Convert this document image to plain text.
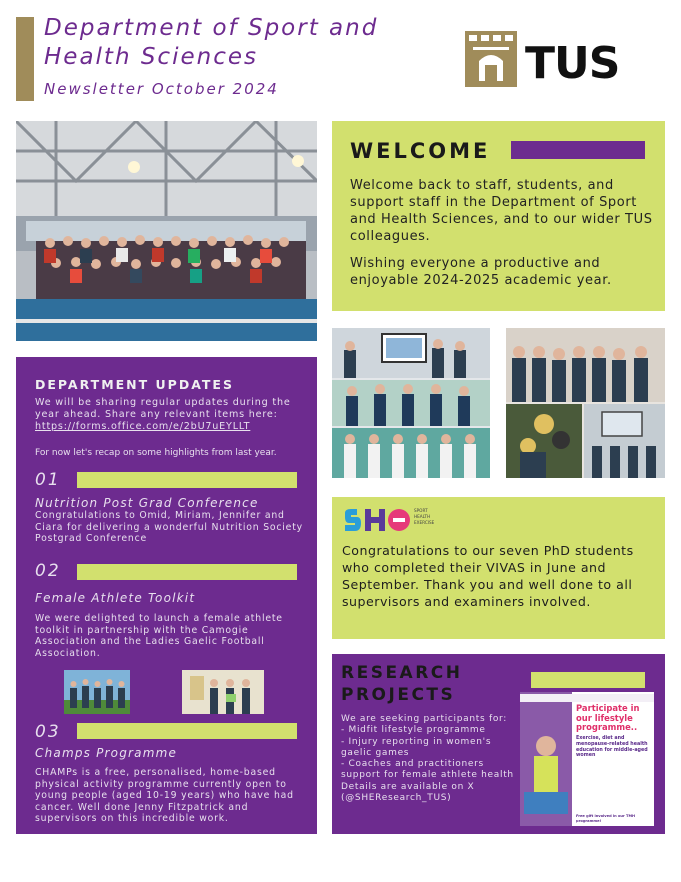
Department of Sport and
Health Sciences
Newsletter October 2024	TUS
WELCOME
Welcome back to staff, students, and support staff in the Department of Sport and Health Sciences, and to our wider TUS colleagues.
Wishing everyone a productive and enjoyable 2024-2025 academic year.
DEPARTMENT UPDATES
We will be sharing regular updates during the year ahead. Share any relevant items here: https://forms.office.com/e/2bU7uEYLLT
For now let's recap on some highlights from last year.
01
Nutrition Post Grad Conference
Congratulations to Omid, Miriam, Jennifer and Ciara for delivering a wonderful Nutrition Society Postgrad Conference
02
Female Athlete Toolkit
We were delighted to launch a female athlete toolkit in partnership with the Camogie Association and the Ladies Gaelic Football Association.
03
Champs Programme
CHAMPs is a free, personalised, home-based physical activity programme currently open to young people (aged 10-19 years) who have had cancer. Well done Jenny Fitzpatrick and supervisors on this incredible work.
SPORT
HEALTH
EXERCISE
Congratulations to our seven PhD students who completed their VIVAS in June and September. Thank you and well done to all supervisors and examiners involved.
RESEARCH
PROJECTS
We are seeking participants for:
- Midfit lifestyle programme
- Injury reporting in women's gaelic games
- Coaches and practitioners support for female athlete health
Details are available on X (@SHEResearch_TUS)
Participate in our lifestyle programme..
Exercise, diet and menopause-related health education for middle-aged women
Free gift involved in our TMH programme!
